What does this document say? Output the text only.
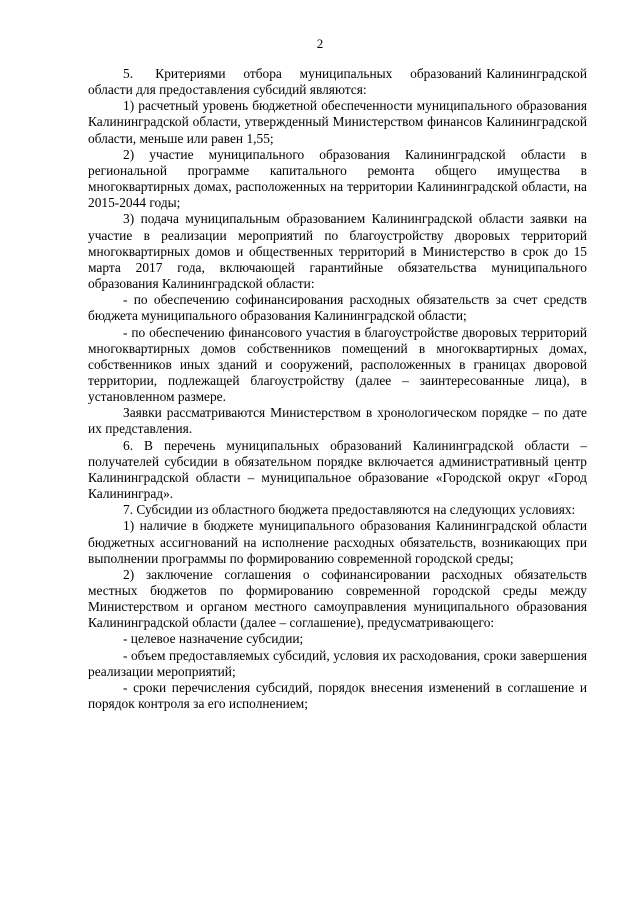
2

5.     Критериями    отбора    муниципальных    образований Калининградской области для предоставления субсидий являются:

1) расчетный уровень бюджетной обеспеченности муниципального образования Калининградской области, утвержденный Министерством финансов Калининградской области, меньше или равен 1,55;

2) участие муниципального образования Калининградской области в региональной программе капитального ремонта общего имущества в многоквартирных домах, расположенных на территории Калининградской области, на 2015-2044 годы;

3) подача муниципальным образованием Калининградской области заявки на участие в реализации мероприятий по благоустройству дворовых территорий многоквартирных домов и общественных территорий в Министерство в срок до 15 марта 2017 года, включающей гарантийные обязательства муниципального образования Калининградской области:

- по обеспечению софинансирования расходных обязательств за счет средств бюджета муниципального образования Калининградской области;

- по обеспечению финансового участия в благоустройстве дворовых территорий многоквартирных домов собственников помещений в многоквартирных домах, собственников иных зданий и сооружений, расположенных в границах дворовой территории, подлежащей благоустройству (далее – заинтересованные лица), в установленном размере.

Заявки рассматриваются Министерством в хронологическом порядке – по дате их представления.

6. В перечень муниципальных образований Калининградской области – получателей субсидии в обязательном порядке включается административный центр Калининградской области – муниципальное образование «Городской округ «Город Калининград».

7. Субсидии из областного бюджета предоставляются на следующих условиях:

1) наличие в бюджете муниципального образования Калининградской области бюджетных ассигнований на исполнение расходных обязательств, возникающих при выполнении программы по формированию современной городской среды;

2) заключение соглашения о софинансировании расходных обязательств местных бюджетов по формированию современной городской среды между Министерством и органом местного самоуправления муниципального образования Калининградской области (далее – соглашение), предусматривающего:

- целевое назначение субсидии;

- объем предоставляемых субсидий, условия их расходования, сроки завершения реализации мероприятий;

- сроки перечисления субсидий, порядок внесения изменений в соглашение и порядок контроля за его исполнением;
